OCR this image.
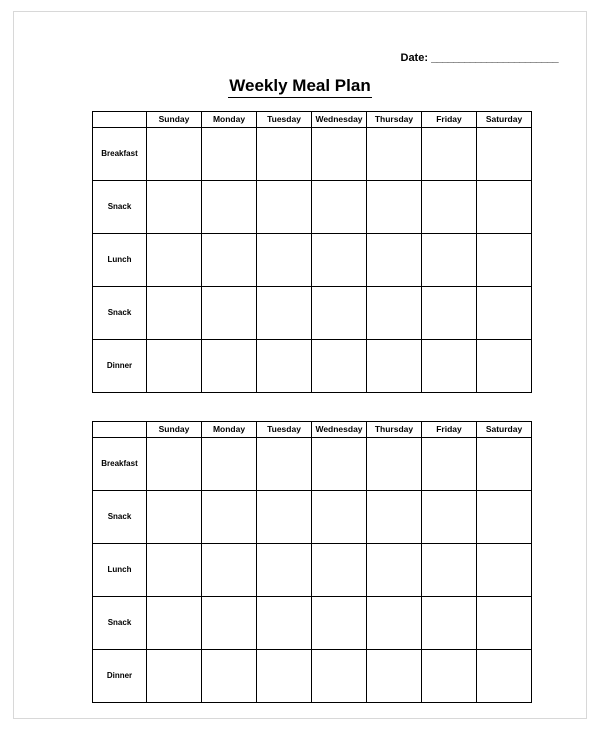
Date: _______________________
Weekly Meal Plan
	Sunday	Monday	Tuesday	Wednesday	Thursday	Friday	Saturday
Breakfast							
Snack							
Lunch							
Snack							
Dinner							
	Sunday	Monday	Tuesday	Wednesday	Thursday	Friday	Saturday
Breakfast							
Snack							
Lunch							
Snack							
Dinner							
